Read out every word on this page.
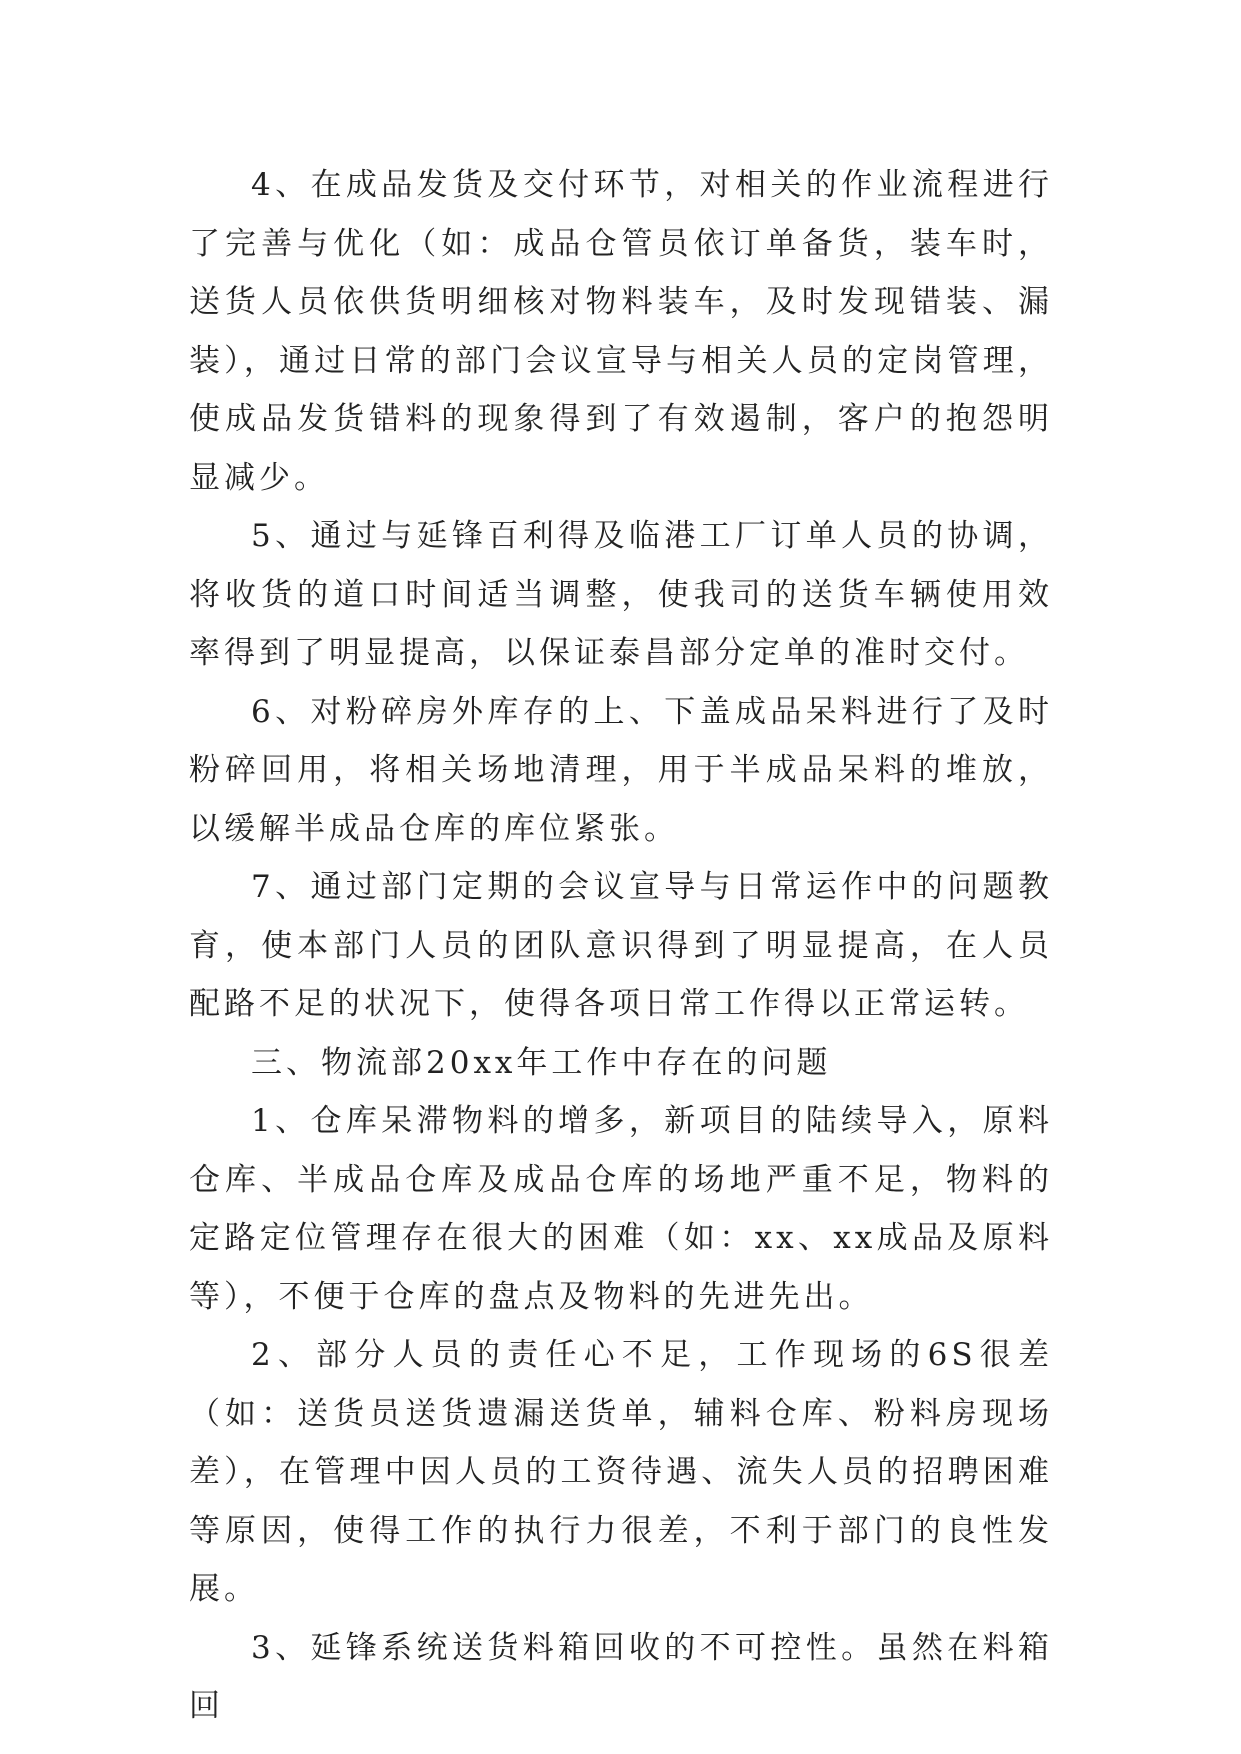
4、在成品发货及交付环节，对相关的作业流程进行了完善与优化（如：成品仓管员依订单备货，装车时，送货人员依供货明细核对物料装车，及时发现错装、漏装），通过日常的部门会议宣导与相关人员的定岗管理，使成品发货错料的现象得到了有效遏制，客户的抱怨明显减少。

5、通过与延锋百利得及临港工厂订单人员的协调，将收货的道口时间适当调整，使我司的送货车辆使用效率得到了明显提高，以保证泰昌部分定单的准时交付。

6、对粉碎房外库存的上、下盖成品呆料进行了及时粉碎回用，将相关场地清理，用于半成品呆料的堆放，以缓解半成品仓库的库位紧张。

7、通过部门定期的会议宣导与日常运作中的问题教育，使本部门人员的团队意识得到了明显提高，在人员配路不足的状况下，使得各项日常工作得以正常运转。

三、物流部20xx年工作中存在的问题

1、仓库呆滞物料的增多，新项目的陆续导入，原料仓库、半成品仓库及成品仓库的场地严重不足，物料的定路定位管理存在很大的困难（如：xx、xx成品及原料等），不便于仓库的盘点及物料的先进先出。

2、部分人员的责任心不足，工作现场的6S很差（如：送货员送货遗漏送货单，辅料仓库、粉料房现场差），在管理中因人员的工资待遇、流失人员的招聘困难等原因，使得工作的执行力很差，不利于部门的良性发展。

3、延锋系统送货料箱回收的不可控性。虽然在料箱回
